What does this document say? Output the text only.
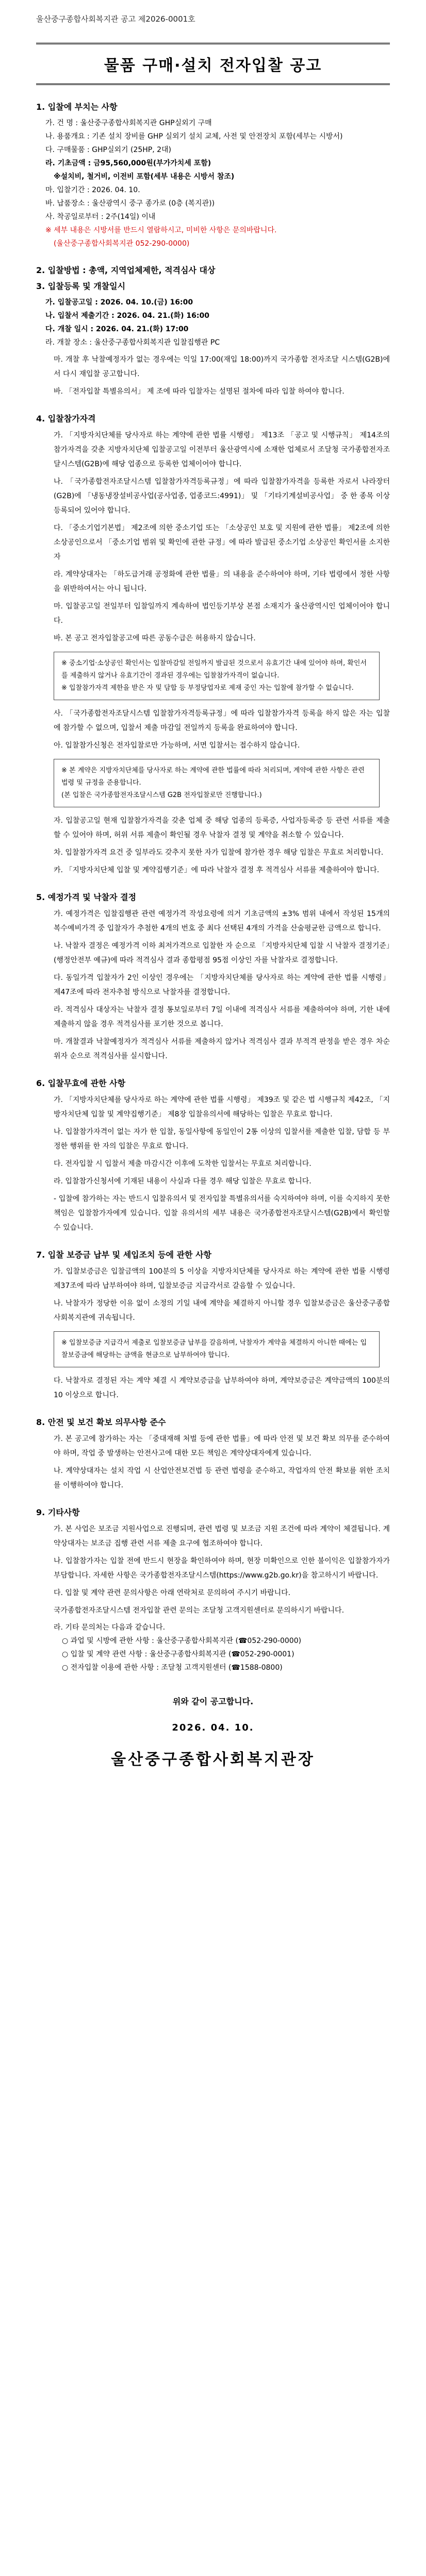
울산중구종합사회복지관 공고 제2026-0001호
물품 구매·설치 전자입찰 공고
1. 입찰에 부치는 사항
가. 건 명 : 울산중구종합사회복지관 GHP실외기 구매
나. 용품개요 : 기존 설치 장비를 GHP 실외기 설치 교체, 사전 및 안전장치 포함(세부는 시방서)
다. 구매물품 : GHP실외기 (25HP, 2대)
라. 기초금액 : 금95,560,000원(부가가치세 포함)
※설치비, 철거비, 이전비 포함(세부 내용은 시방서 참조)
마. 입찰기간 : 2026. 04. 10.
바. 납품장소 : 울산광역시 중구 종가로 (0층 (복지관))
사. 착공일로부터 : 2주(14일) 이내
※ 세부 내용은 시방서를 반드시 열람하시고, 미비한 사항은 문의바랍니다.
(울산중구종합사회복지관 052-290-0000)
2. 입찰방법 : 총액, 지역업체제한, 적격심사 대상
3. 입찰등록 및 개찰일시
가. 입찰공고일 : 2026. 04. 10.(금) 16:00
나. 입찰서 제출기간 : 2026. 04. 21.(화) 16:00
다. 개찰 일시 : 2026. 04. 21.(화) 17:00
라. 개찰 장소 : 울산중구종합사회복지관 입찰집행관 PC
마. 개찰 후 낙찰예정자가 없는 경우에는 익일 17:00(재입 18:00)까지 국가종합 전자조달 시스템(G2B)에서 다시 재입찰 공고합니다.
바. 「전자입찰 특별유의서」 제 조에 따라 입찰자는 설명된 절차에 따라 입찰 하여야 합니다.
4. 입찰참가자격
가. 「지방자치단체를 당사자로 하는 계약에 관한 법률 시행령」 제13조 「공고 및 시행규칙」 제14조의 참가자격을 갖춘 지방자치단체 입찰공고일 이전부터 울산광역시에 소재한 업체로서 조달청 국가종합전자조달시스템(G2B)에 해당 업종으로 등록한 업체이어야 합니다.
나. 「국가종합전자조달시스템 입찰참가자격등록규정」에 따라 입찰참가자격을 등록한 자로서 나라장터(G2B)에 「냉동냉장설비공사업(공사업종, 업종코드:4991)」 및 「기타기계설비공사업」 중 한 종목 이상 등록되어 있어야 합니다.
다. 「중소기업기본법」 제2조에 의한 중소기업 또는 「소상공인 보호 및 지원에 관한 법률」 제2조에 의한 소상공인으로서 「중소기업 범위 및 확인에 관한 규정」에 따라 발급된 중소기업 소상공인 확인서를 소지한 자
라. 계약상대자는 「하도급거래 공정화에 관한 법률」의 내용을 준수하여야 하며, 기타 법령에서 정한 사항을 위반하여서는 아니 됩니다.
마. 입찰공고일 전일부터 입찰일까지 계속하여 법인등기부상 본점 소재지가 울산광역시인 업체이어야 합니다.
바. 본 공고 전자입찰공고에 따른 공동수급은 허용하지 않습니다.
※ 중소기업·소상공인 확인서는 입찰마감일 전일까지 발급된 것으로서 유효기간 내에 있어야 하며, 확인서를 제출하지 않거나 유효기간이 경과된 경우에는 입찰참가자격이 없습니다.
※ 입찰참가자격 제한을 받은 자 및 담합 등 부정당업자로 제재 중인 자는 입찰에 참가할 수 없습니다.
사. 「국가종합전자조달시스템 입찰참가자격등록규정」에 따라 입찰참가자격 등록을 하지 않은 자는 입찰에 참가할 수 없으며, 입찰서 제출 마감일 전일까지 등록을 완료하여야 합니다.
아. 입찰참가신청은 전자입찰로만 가능하며, 서면 입찰서는 접수하지 않습니다.
※ 본 계약은 지방자치단체를 당사자로 하는 계약에 관한 법률에 따라 처리되며, 계약에 관한 사항은 관련 법령 및 규정을 준용합니다.
(본 입찰은 국가종합전자조달시스템 G2B 전자입찰로만 진행합니다.)
자. 입찰공고일 현재 입찰참가자격을 갖춘 업체 중 해당 업종의 등록증, 사업자등록증 등 관련 서류를 제출할 수 있어야 하며, 허위 서류 제출이 확인될 경우 낙찰자 결정 및 계약을 취소할 수 있습니다.
차. 입찰참가자격 요건 중 일부라도 갖추지 못한 자가 입찰에 참가한 경우 해당 입찰은 무효로 처리합니다.
카. 「지방자치단체 입찰 및 계약집행기준」에 따라 낙찰자 결정 후 적격심사 서류를 제출하여야 합니다.
5. 예정가격 및 낙찰자 결정
가. 예정가격은 입찰집행관 관련 예정가격 작성요령에 의거 기초금액의 ±3% 범위 내에서 작성된 15개의 복수예비가격 중 입찰자가 추첨한 4개의 번호 중 최다 선택된 4개의 가격을 산술평균한 금액으로 합니다.
나. 낙찰자 결정은 예정가격 이하 최저가격으로 입찰한 자 순으로 「지방자치단체 입찰 시 낙찰자 결정기준」(행정안전부 예규)에 따라 적격심사 결과 종합평점 95점 이상인 자를 낙찰자로 결정합니다.
다. 동일가격 입찰자가 2인 이상인 경우에는 「지방자치단체를 당사자로 하는 계약에 관한 법률 시행령」 제47조에 따라 전자추첨 방식으로 낙찰자를 결정합니다.
라. 적격심사 대상자는 낙찰자 결정 통보일로부터 7일 이내에 적격심사 서류를 제출하여야 하며, 기한 내에 제출하지 않을 경우 적격심사를 포기한 것으로 봅니다.
마. 개찰결과 낙찰예정자가 적격심사 서류를 제출하지 않거나 적격심사 결과 부적격 판정을 받은 경우 차순위자 순으로 적격심사를 실시합니다.
6. 입찰무효에 관한 사항
가. 「지방자치단체를 당사자로 하는 계약에 관한 법률 시행령」 제39조 및 같은 법 시행규칙 제42조, 「지방자치단체 입찰 및 계약집행기준」 제8장 입찰유의서에 해당하는 입찰은 무효로 합니다.
나. 입찰참가자격이 없는 자가 한 입찰, 동일사항에 동일인이 2통 이상의 입찰서를 제출한 입찰, 담합 등 부정한 행위를 한 자의 입찰은 무효로 합니다.
다. 전자입찰 시 입찰서 제출 마감시간 이후에 도착한 입찰서는 무효로 처리합니다.
라. 입찰참가신청서에 기재된 내용이 사실과 다를 경우 해당 입찰은 무효로 합니다.
- 입찰에 참가하는 자는 반드시 입찰유의서 및 전자입찰 특별유의서를 숙지하여야 하며, 이를 숙지하지 못한 책임은 입찰참가자에게 있습니다. 입찰 유의서의 세부 내용은 국가종합전자조달시스템(G2B)에서 확인할 수 있습니다.
7. 입찰 보증금 납부 및 세입조치 등에 관한 사항
가. 입찰보증금은 입찰금액의 100분의 5 이상을 지방자치단체를 당사자로 하는 계약에 관한 법률 시행령 제37조에 따라 납부하여야 하며, 입찰보증금 지급각서로 갈음할 수 있습니다.
나. 낙찰자가 정당한 이유 없이 소정의 기일 내에 계약을 체결하지 아니할 경우 입찰보증금은 울산중구종합사회복지관에 귀속됩니다.
※ 입찰보증금 지급각서 제출로 입찰보증금 납부를 갈음하며, 낙찰자가 계약을 체결하지 아니한 때에는 입찰보증금에 해당하는 금액을 현금으로 납부하여야 합니다.
다. 낙찰자로 결정된 자는 계약 체결 시 계약보증금을 납부하여야 하며, 계약보증금은 계약금액의 100분의 10 이상으로 합니다.
8. 안전 및 보건 확보 의무사항 준수
가. 본 공고에 참가하는 자는 「중대재해 처벌 등에 관한 법률」에 따라 안전 및 보건 확보 의무를 준수하여야 하며, 작업 중 발생하는 안전사고에 대한 모든 책임은 계약상대자에게 있습니다.
나. 계약상대자는 설치 작업 시 산업안전보건법 등 관련 법령을 준수하고, 작업자의 안전 확보를 위한 조치를 이행하여야 합니다.
9. 기타사항
가. 본 사업은 보조금 지원사업으로 진행되며, 관련 법령 및 보조금 지원 조건에 따라 계약이 체결됩니다. 계약상대자는 보조금 집행 관련 서류 제출 요구에 협조하여야 합니다.
나. 입찰참가자는 입찰 전에 반드시 현장을 확인하여야 하며, 현장 미확인으로 인한 불이익은 입찰참가자가 부담합니다. 자세한 사항은 국가종합전자조달시스템(https://www.g2b.go.kr)을 참고하시기 바랍니다.
다. 입찰 및 계약 관련 문의사항은 아래 연락처로 문의하여 주시기 바랍니다.
국가종합전자조달시스템 전자입찰 관련 문의는 조달청 고객지원센터로 문의하시기 바랍니다.
라. 기타 문의처는 다음과 같습니다.
○ 과업 및 시방에 관한 사항 : 울산중구종합사회복지관 (☎052-290-0000)
○ 입찰 및 계약 관련 사항 : 울산중구종합사회복지관 (☎052-290-0001)
○ 전자입찰 이용에 관한 사항 : 조달청 고객지원센터 (☎1588-0800)
위와 같이 공고합니다.
2026. 04. 10.
울산중구종합사회복지관장
